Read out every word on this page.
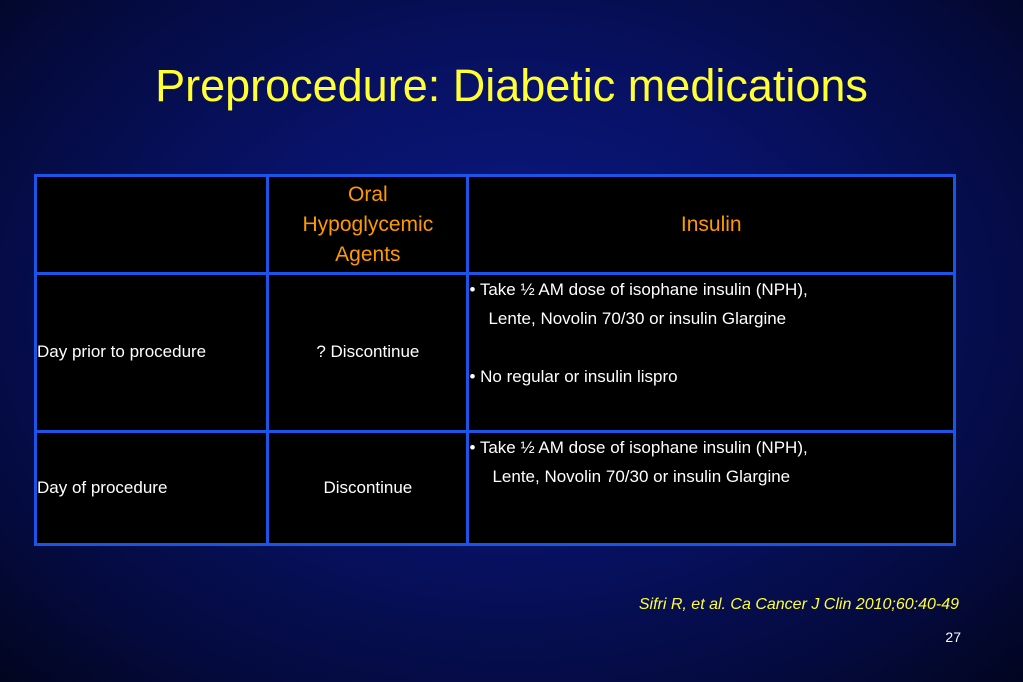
Preprocedure: Diabetic medications

	Oral
Hypoglycemic
Agents	Insulin
Day prior to procedure	? Discontinue	• Take ½ AM dose of isophane insulin (NPH),
Lente, Novolin 70/30 or insulin Glargine
• No regular or insulin lispro

Day of procedure	Discontinue	• Take ½ AM dose of isophane insulin (NPH),
Lente, Novolin 70/30 or insulin Glargine
Sifri R, et al. Ca Cancer J Clin 2010;60:40-49
27
